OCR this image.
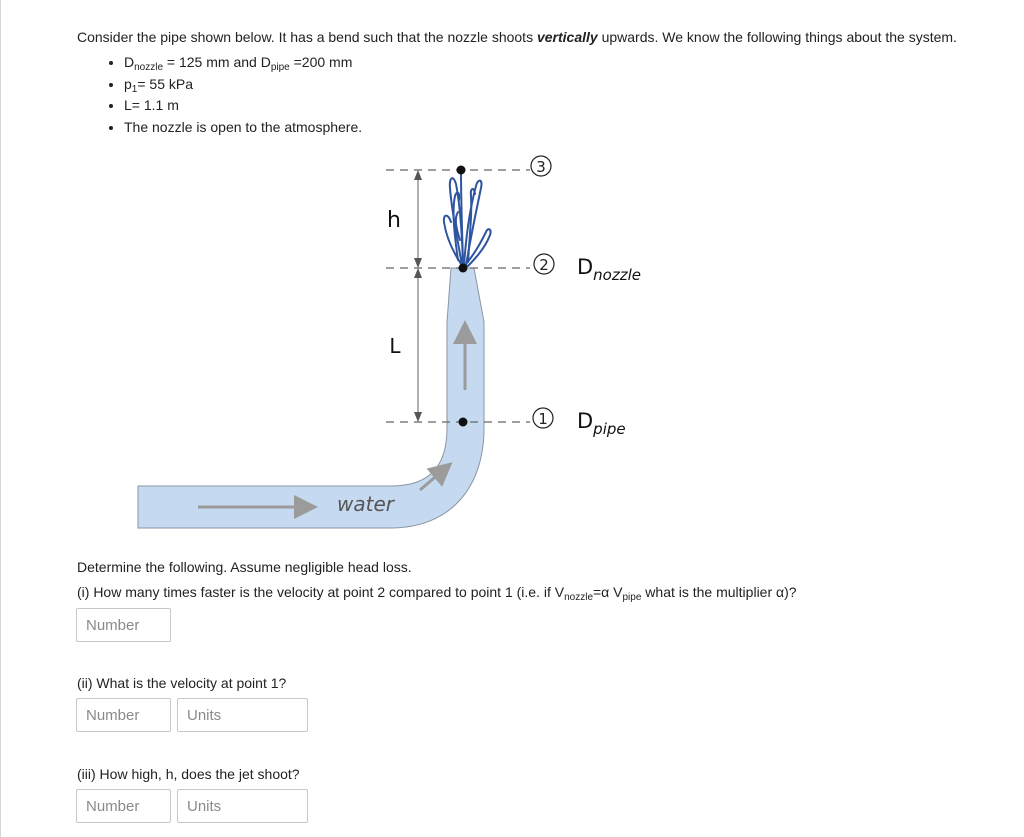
Consider the pipe shown below. It has a bend such that the nozzle shoots vertically upwards. We know the following things about the system.
• $D_{nozzle} = 125$ mm and $D_{pipe} =200$ mm
• $p_1= 55$ kPa
• L= 1.1 m
• The nozzle is open to the atmosphere.
3
2
1
$D_{nozzle}$
$D_{pipe}$
h
L
water
Determine the following. Assume negligible head loss.
(i) How many times faster is the velocity at point 2 compared to point 1 (i.e. if $V_{nozzle}=\alpha$ $V_{pipe}$ what is the multiplier α)?
Number
(ii) What is the velocity at point 1?
Number
Units
(iii) How high, h, does the jet shoot?
Number
Units
